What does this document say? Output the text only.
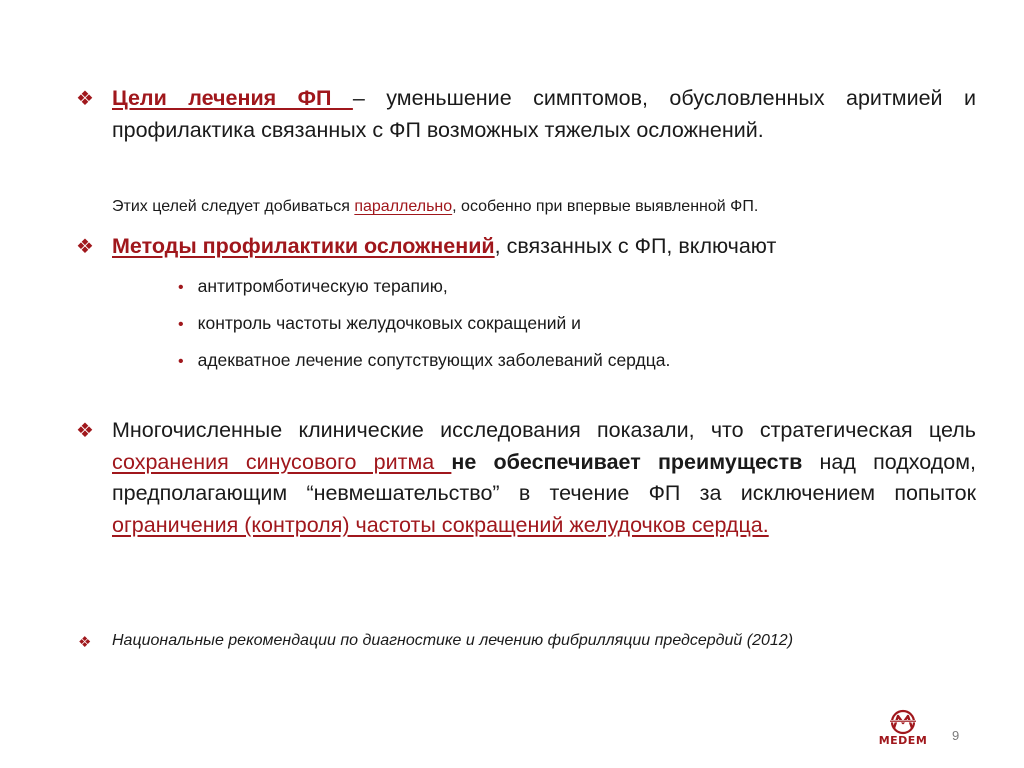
❖ Цели лечения ФП – уменьшение симптомов, обусловленных аритмией и профилактика связанных с ФП возможных тяжелых осложнений.
Этих целей следует добиваться параллельно, особенно при впервые выявленной ФП.
❖ Методы профилактики осложнений, связанных с ФП, включают
• антитромботическую терапию,
• контроль частоты желудочковых сокращений и
• адекватное лечение сопутствующих заболеваний сердца.
❖ Многочисленные клинические исследования показали, что стратегическая цель сохранения синусового ритма не обеспечивает преимуществ над подходом, предполагающим “невмешательство” в течение ФП за исключением попыток ограничения (контроля) частоты сокращений желудочков сердца.
❖ Национальные рекомендации по диагностике и лечению фибрилляции предсердий (2012)
MEDEM	9
